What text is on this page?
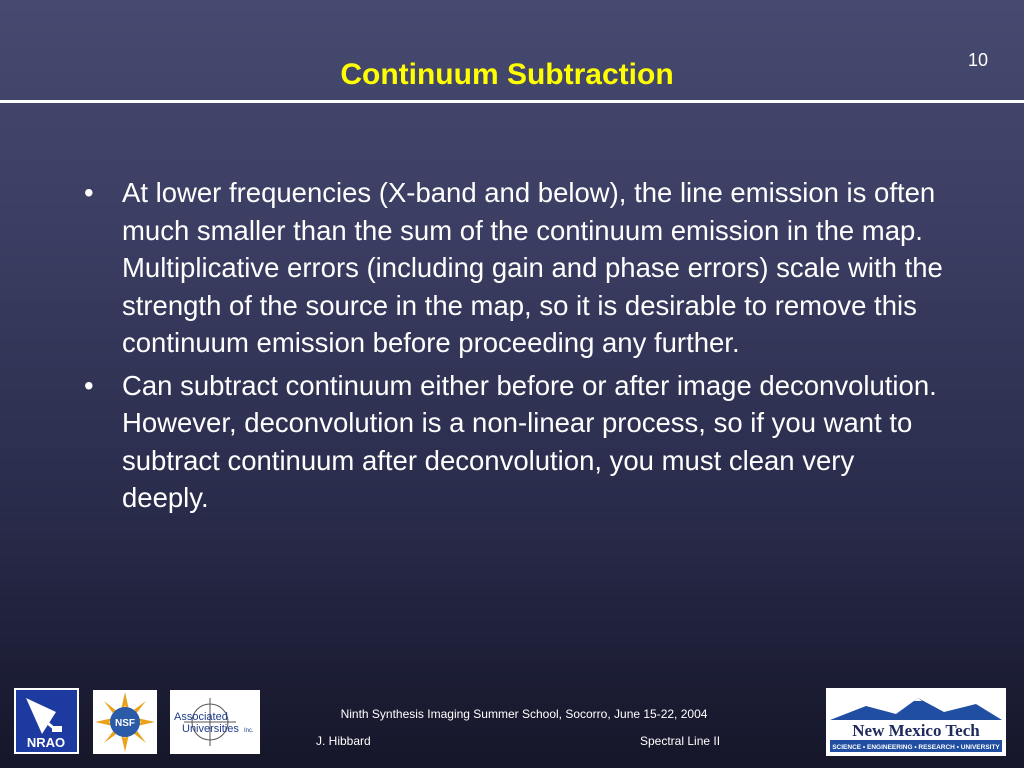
10
Continuum Subtraction
• At lower frequencies (X-band and below), the line emission is often much smaller than the sum of the continuum emission in the map. Multiplicative errors (including gain and phase errors) scale with the strength of the source in the map, so it is desirable to remove this continuum emission before proceeding any further.
• Can subtract continuum either before or after image deconvolution. However, deconvolution is a non-linear process, so if you want to subtract continuum after deconvolution, you must clean very deeply.
NRAO
NSF
Associated
Universities Inc.
Ninth Synthesis Imaging Summer School, Socorro, June 15-22, 2004
J. Hibbard	Spectral Line II
New Mexico Tech
SCIENCE • ENGINEERING • RESEARCH • UNIVERSITY
